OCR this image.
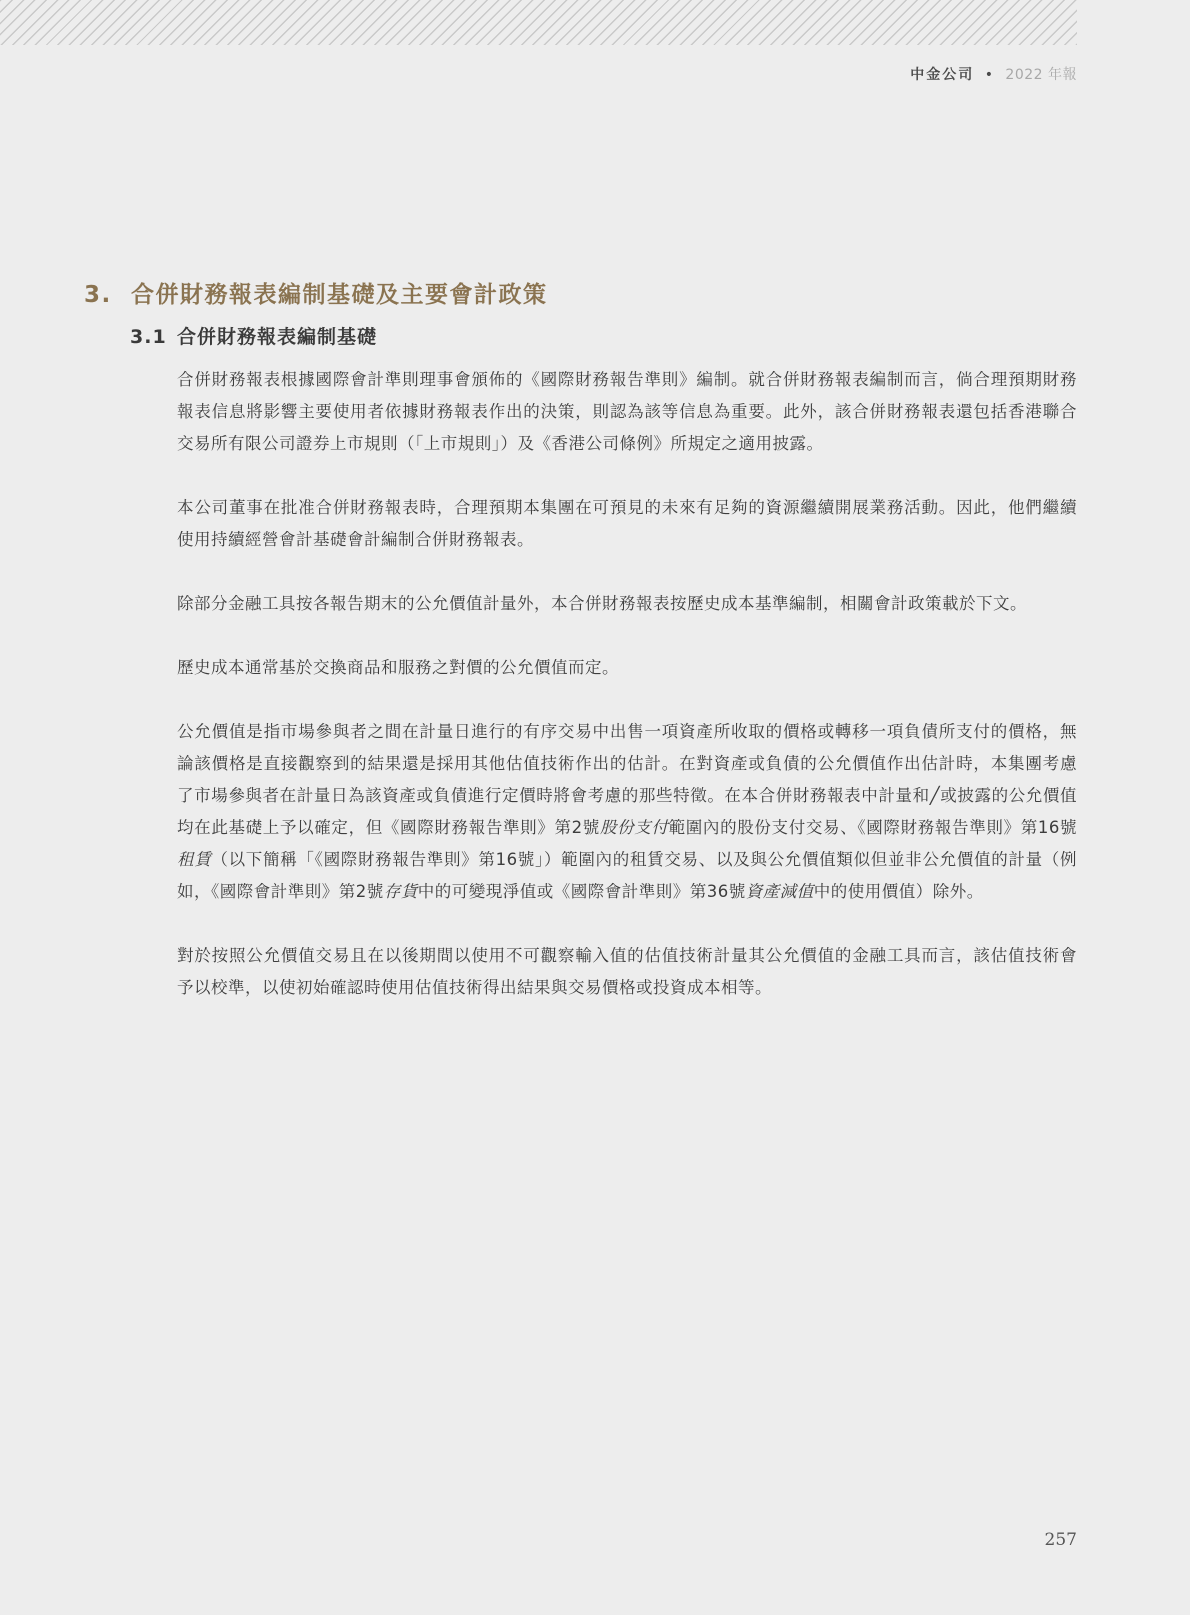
中金公司 • 2022 年報
3. 合併財務報表編制基礎及主要會計政策
3.1 合併財務報表編制基礎

合併財務報表根據國際會計準則理事會頒佈的《國際財務報告準則》編制。就合併財務報表編制而言，倘合理預期財務報表信息將影響主要使用者依據財務報表作出的決策，則認為該等信息為重要。此外，該合併財務報表還包括香港聯合交易所有限公司證券上市規則（「上市規則」）及《香港公司條例》所規定之適用披露。

本公司董事在批准合併財務報表時，合理預期本集團在可預見的未來有足夠的資源繼續開展業務活動。因此，他們繼續使用持續經營會計基礎會計編制合併財務報表。

除部分金融工具按各報告期末的公允價值計量外，本合併財務報表按歷史成本基準編制，相關會計政策載於下文。

歷史成本通常基於交換商品和服務之對價的公允價值而定。

公允價值是指市場參與者之間在計量日進行的有序交易中出售一項資產所收取的價格或轉移一項負債所支付的價格，無論該價格是直接觀察到的結果還是採用其他估值技術作出的估計。在對資產或負債的公允價值作出估計時，本集團考慮了市場參與者在計量日為該資產或負債進行定價時將會考慮的那些特徵。在本合併財務報表中計量和╱或披露的公允價值均在此基礎上予以確定，但《國際財務報告準則》第2號股份支付範圍內的股份支付交易、《國際財務報告準則》第16號租賃（以下簡稱「《國際財務報告準則》第16號」）範圍內的租賃交易、以及與公允價值類似但並非公允價值的計量（例如，《國際會計準則》第2號存貨中的可變現淨值或《國際會計準則》第36號資產減值中的使用價值）除外。

對於按照公允價值交易且在以後期間以使用不可觀察輸入值的估值技術計量其公允價值的金融工具而言，該估值技術會予以校準，以使初始確認時使用估值技術得出結果與交易價格或投資成本相等。

257
